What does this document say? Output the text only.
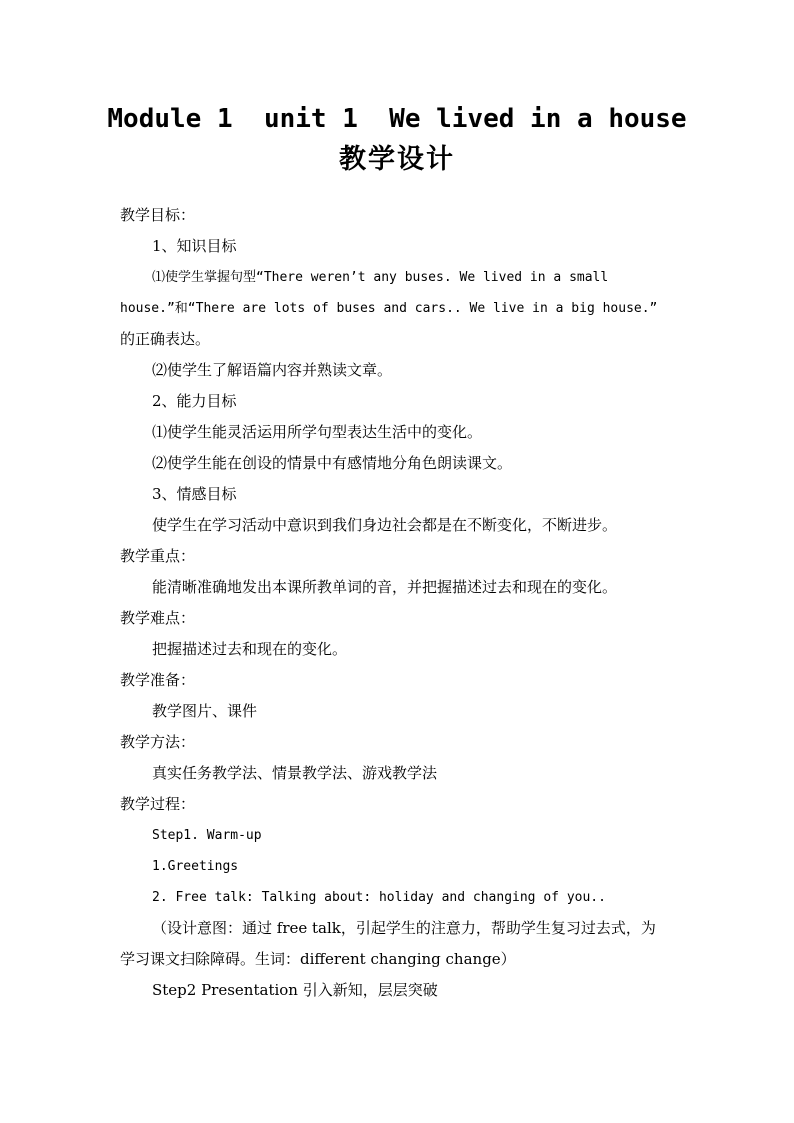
Module 1  unit 1  We lived in a house
教学设计
教学目标：
1、知识目标
⑴使学生掌握句型“There weren’t any buses. We lived in a small
house.”和“There are lots of buses and cars.. We live in a big house.”
的正确表达。
⑵使学生了解语篇内容并熟读文章。
2、能力目标
⑴使学生能灵活运用所学句型表达生活中的变化。
⑵使学生能在创设的情景中有感情地分角色朗读课文。
3、情感目标
使学生在学习活动中意识到我们身边社会都是在不断变化，不断进步。
教学重点：
能清晰准确地发出本课所教单词的音，并把握描述过去和现在的变化。
教学难点：
把握描述过去和现在的变化。
教学准备：
教学图片、课件
教学方法：
真实任务教学法、情景教学法、游戏教学法
教学过程：
Step1. Warm-up
1.Greetings
2. Free talk: Talking about: holiday and changing of you..
（设计意图：通过 free talk，引起学生的注意力，帮助学生复习过去式，为
学习课文扫除障碍。生词：different changing change）
Step2 Presentation 引入新知，层层突破
